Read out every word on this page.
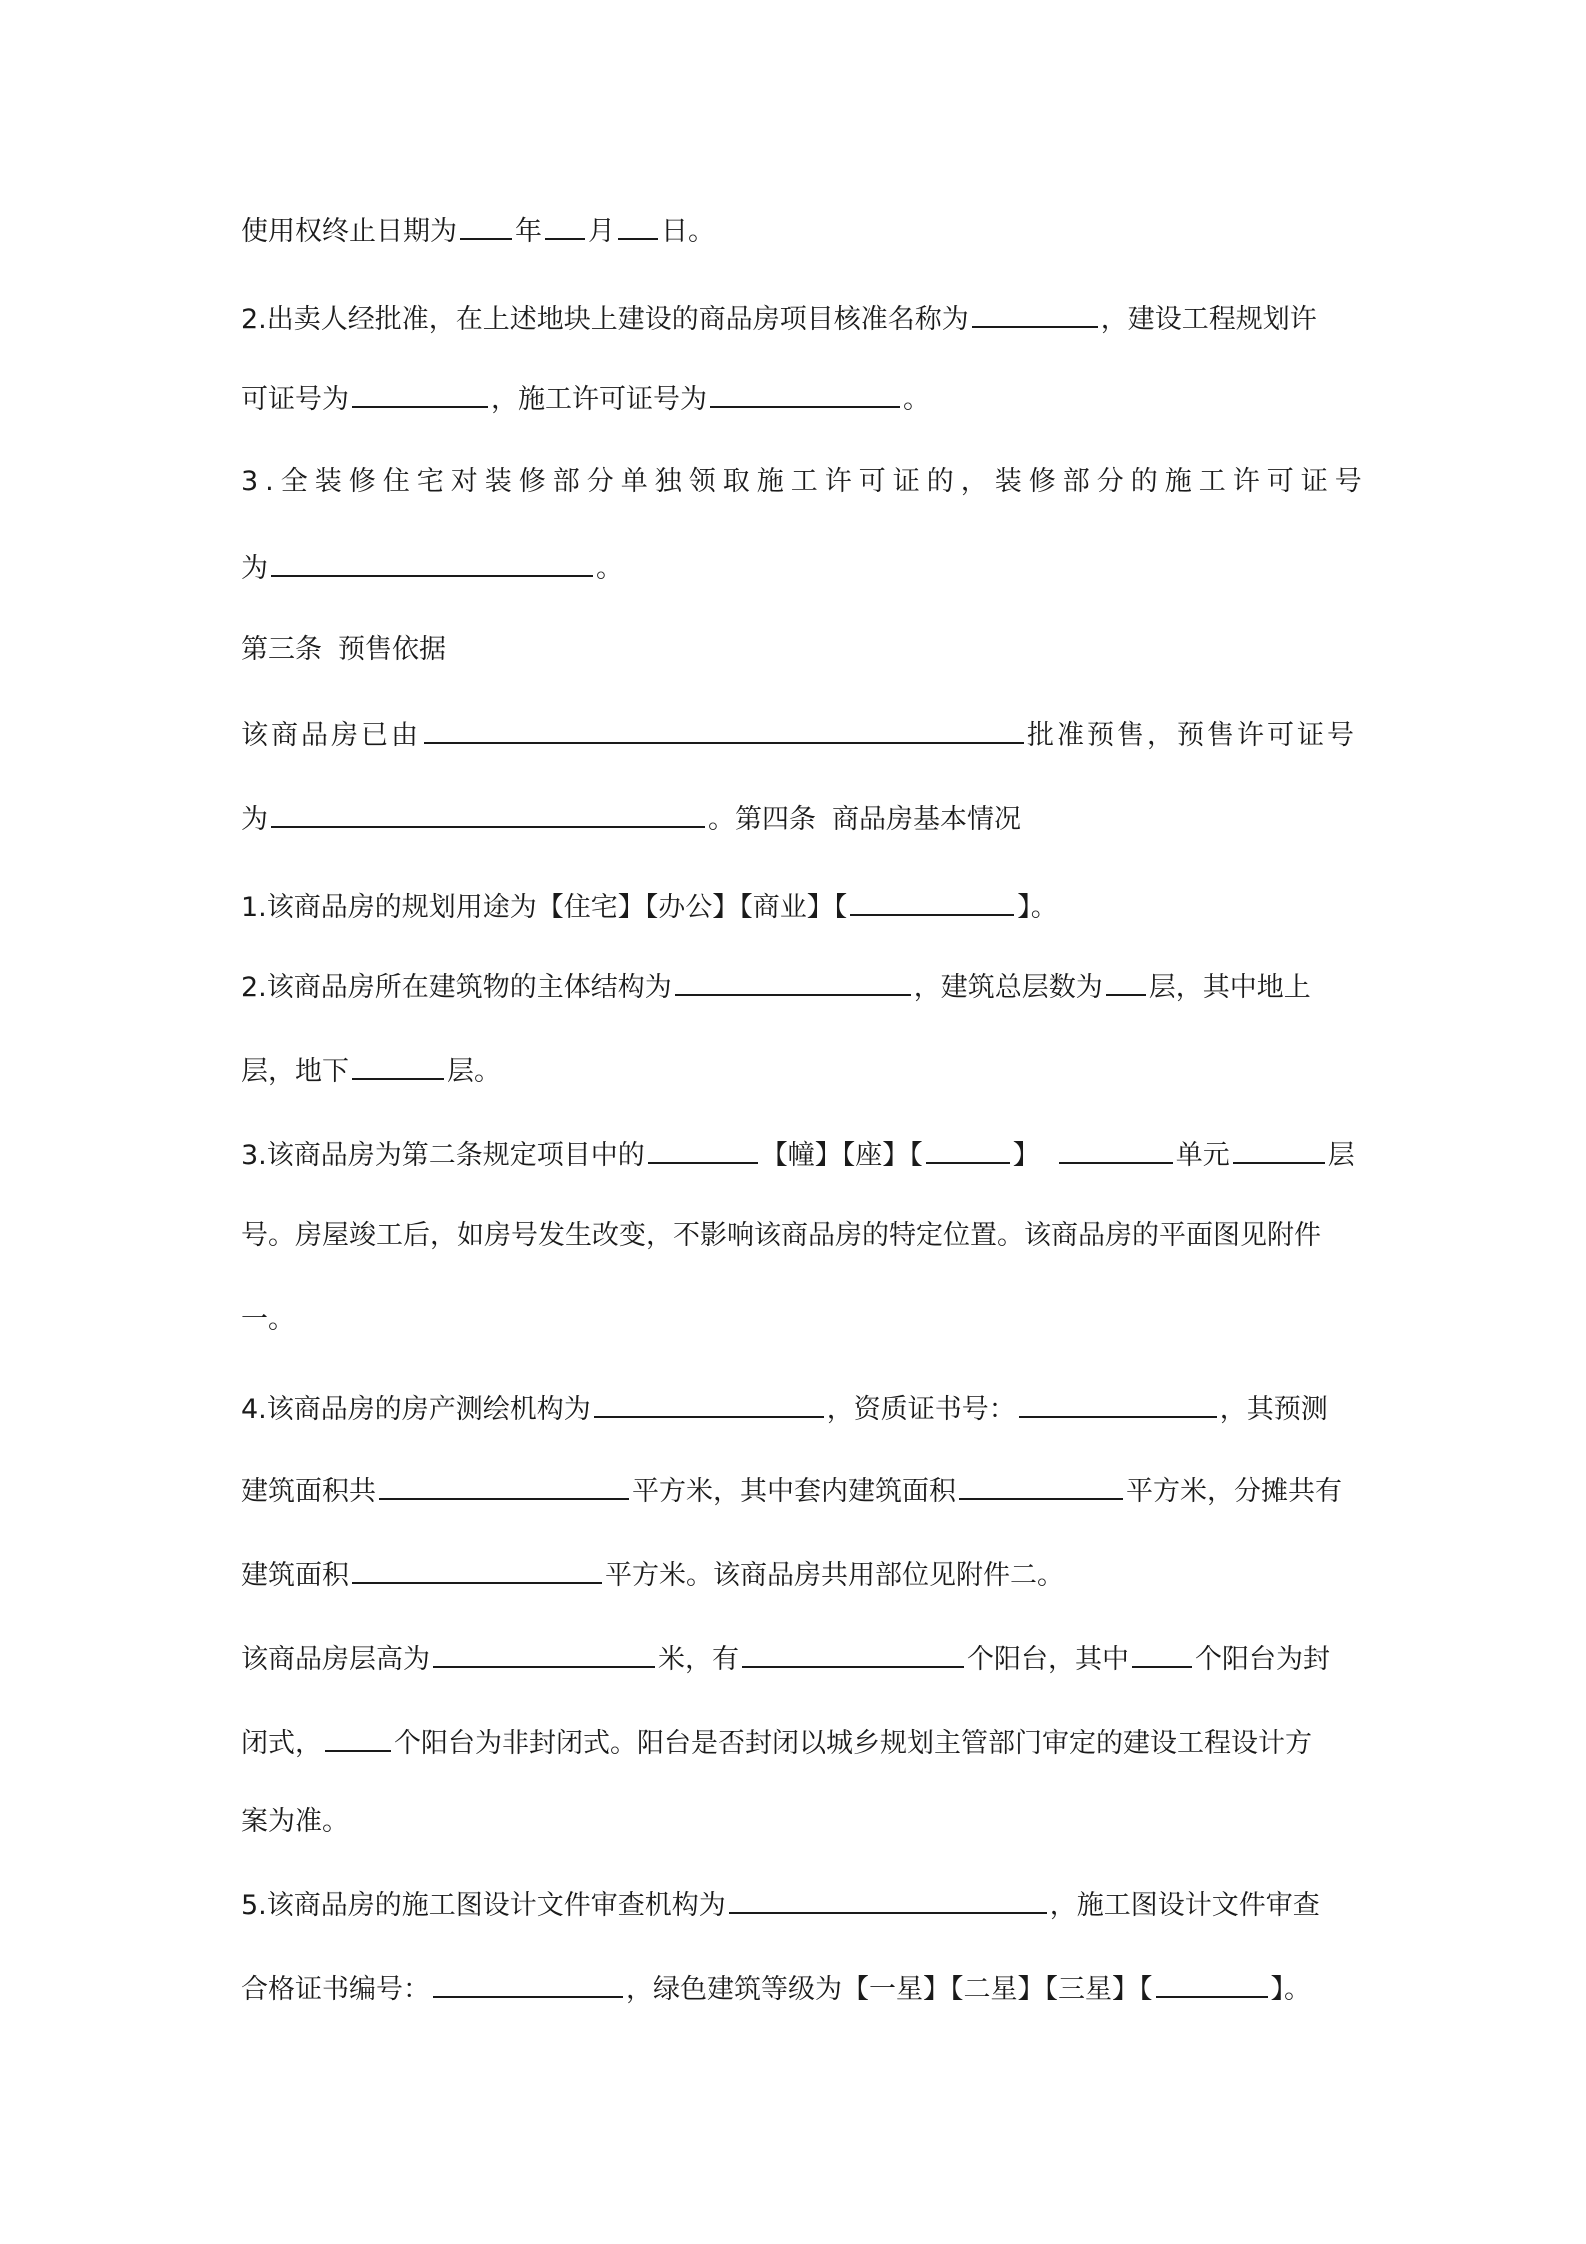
使用权终止日期为 年 月 日。
2.出卖人经批准，在上述地块上建设的商品房项目核准名称为	，建设工程规划许
可证号为	，施工许可证号为	。
3.全装修住宅对装修部分单独领取施工许可证的，装修部分的施工许可证号
为	。
第三条 预售依据
该商品房已由	批准预售，预售许可证号
为	。第四条 商品房基本情况
1.该商品房的规划用途为【住宅】【办公】【商业】【	】。
2.该商品房所在建筑物的主体结构为	，建筑总层数为 层，其中地上
层，地下	层。
3.该商品房为第二条规定项目中的	【幢】【座】【	】	单元	层
号。房屋竣工后，如房号发生改变，不影响该商品房的特定位置。该商品房的平面图见附件
一。
4.该商品房的房产测绘机构为	，资质证书号：	，其预测
建筑面积共	平方米，其中套内建筑面积	平方米，分摊共有
建筑面积	平方米。该商品房共用部位见附件二。
该商品房层高为	米，有	个阳台，其中 个阳台为封
闭式，	个阳台为非封闭式。阳台是否封闭以城乡规划主管部门审定的建设工程设计方
案为准。
5.该商品房的施工图设计文件审查机构为	，施工图设计文件审查
合格证书编号：	，绿色建筑等级为【一星】【二星】【三星】【	】。
